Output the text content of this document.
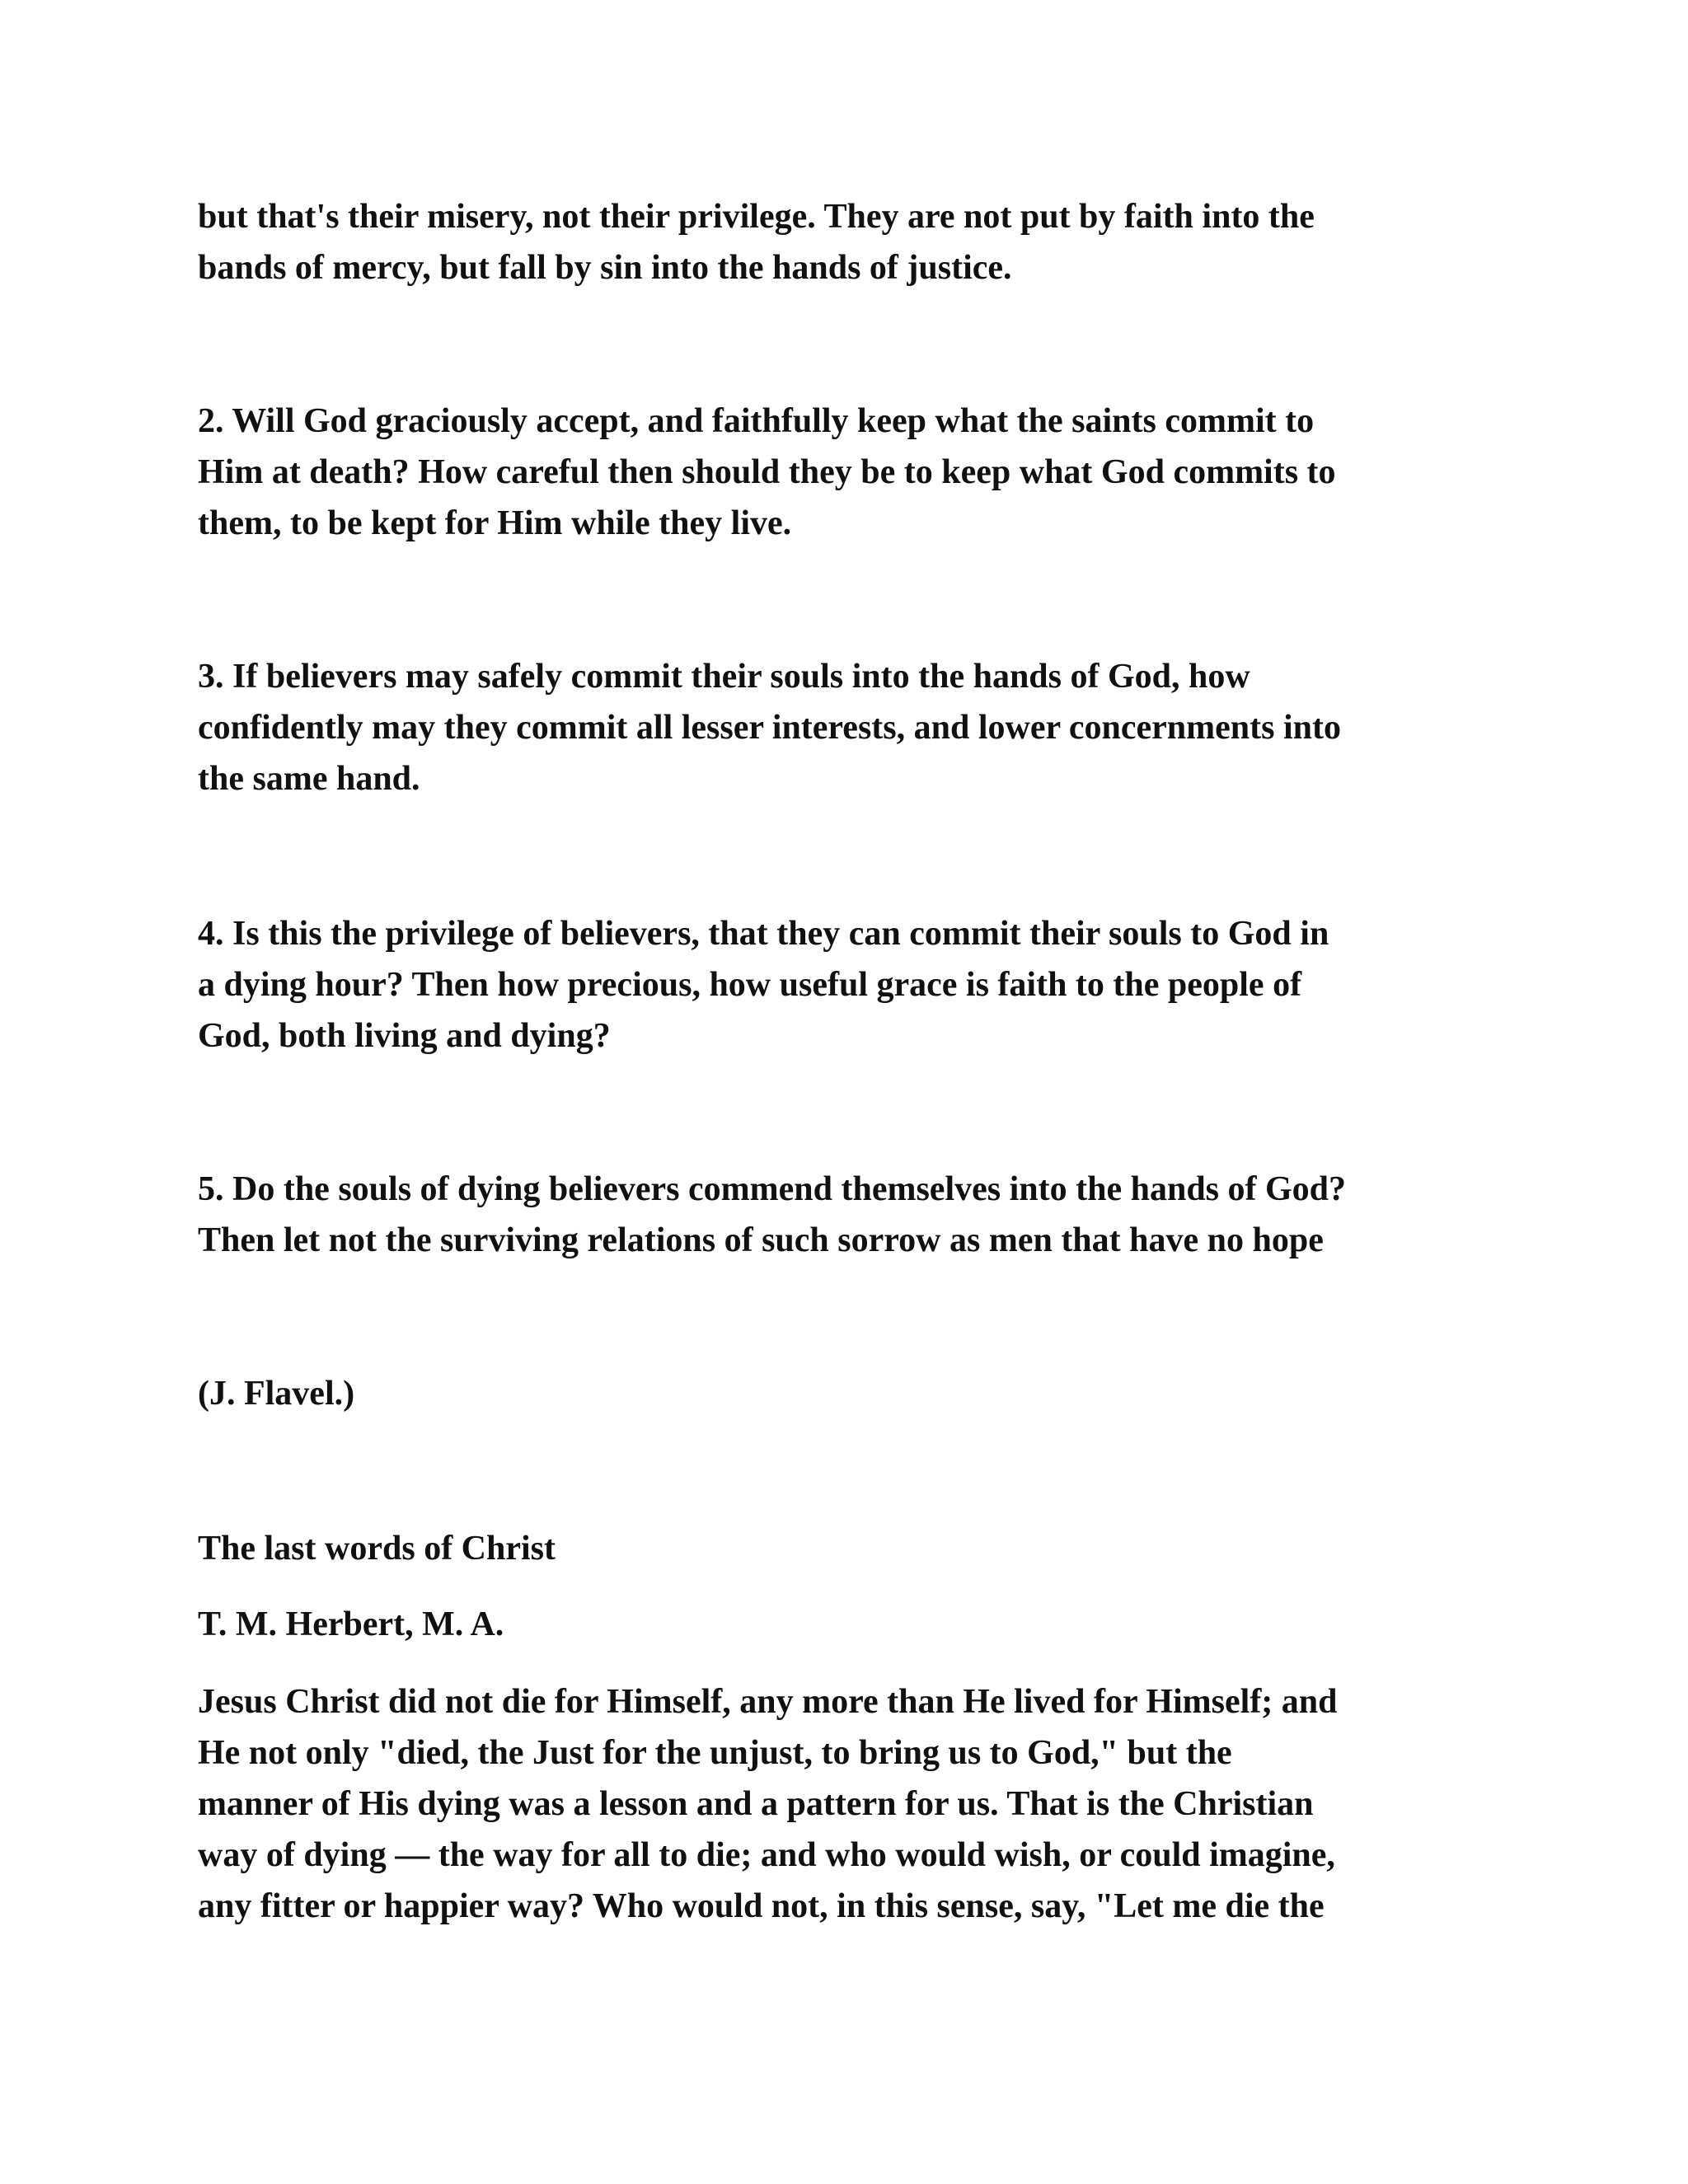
but that's their misery, not their privilege. They are not put by faith into the
bands of mercy, but fall by sin into the hands of justice.

2. Will God graciously accept, and faithfully keep what the saints commit to
Him at death? How careful then should they be to keep what God commits to
them, to be kept for Him while they live.

3. If believers may safely commit their souls into the hands of God, how
confidently may they commit all lesser interests, and lower concernments into
the same hand.

4. Is this the privilege of believers, that they can commit their souls to God in
a dying hour? Then how precious, how useful grace is faith to the people of
God, both living and dying?

5. Do the souls of dying believers commend themselves into the hands of God?
Then let not the surviving relations of such sorrow as men that have no hope

(J. Flavel.)

The last words of Christ

T. M. Herbert, M. A.

Jesus Christ did not die for Himself, any more than He lived for Himself; and
He not only "died, the Just for the unjust, to bring us to God," but the
manner of His dying was a lesson and a pattern for us. That is the Christian
way of dying — the way for all to die; and who would wish, or could imagine,
any fitter or happier way? Who would not, in this sense, say, "Let me die the
